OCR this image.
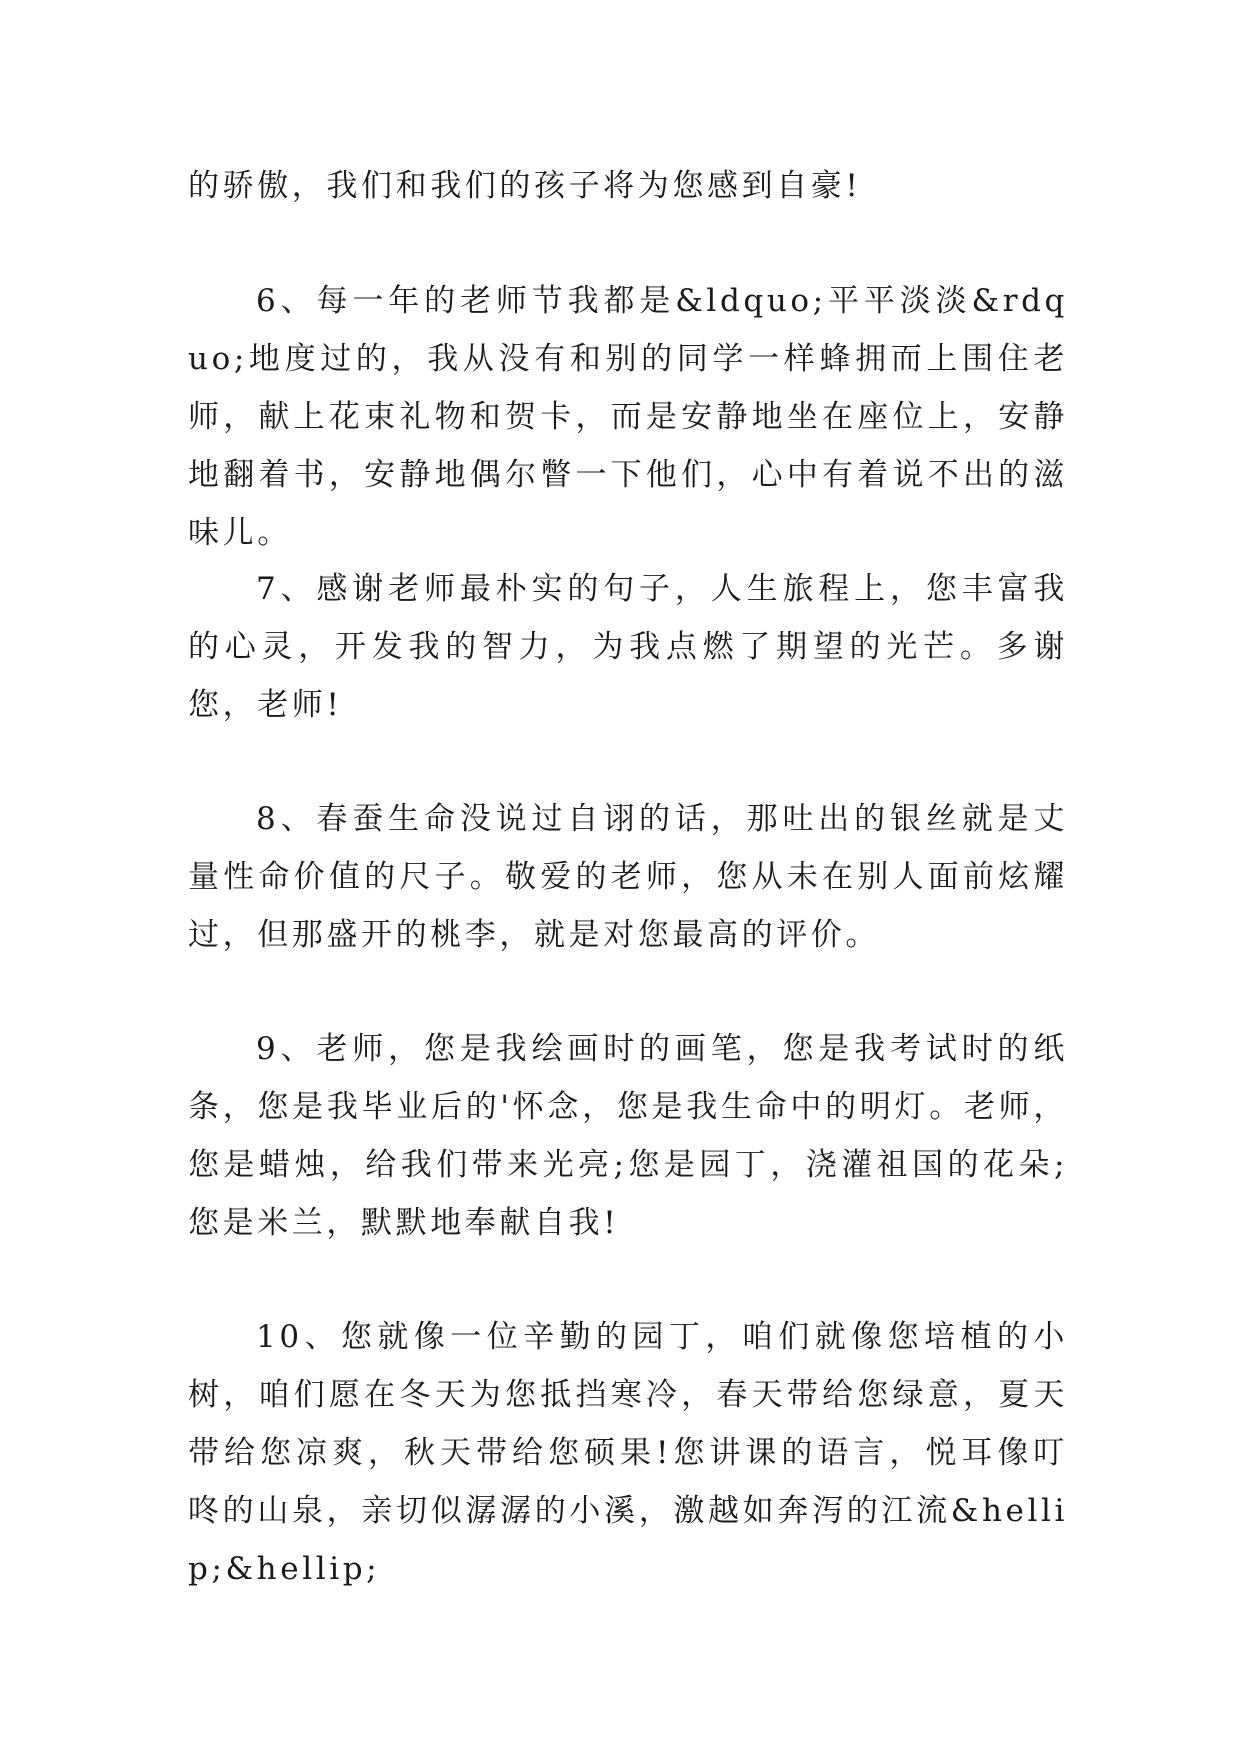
的骄傲，我们和我们的孩子将为您感到自豪!

6、每一年的老师节我都是&ldquo;平平淡淡&rdquo;地度过的，我从没有和别的同学一样蜂拥而上围住老师，献上花束礼物和贺卡，而是安静地坐在座位上，安静地翻着书，安静地偶尔瞥一下他们，心中有着说不出的滋味儿。

7、感谢老师最朴实的句子，人生旅程上，您丰富我的心灵，开发我的智力，为我点燃了期望的光芒。多谢您，老师!

8、春蚕生命没说过自诩的话，那吐出的银丝就是丈量性命价值的尺子。敬爱的老师，您从未在别人面前炫耀过，但那盛开的桃李，就是对您最高的评价。

9、老师，您是我绘画时的画笔，您是我考试时的纸条，您是我毕业后的'怀念，您是我生命中的明灯。老师，您是蜡烛，给我们带来光亮;您是园丁，浇灌祖国的花朵;您是米兰，默默地奉献自我!

10、您就像一位辛勤的园丁，咱们就像您培植的小树，咱们愿在冬天为您抵挡寒冷，春天带给您绿意，夏天带给您凉爽，秋天带给您硕果!您讲课的语言，悦耳像叮咚的山泉，亲切似潺潺的小溪，激越如奔泻的江流&hellip;&hellip;
